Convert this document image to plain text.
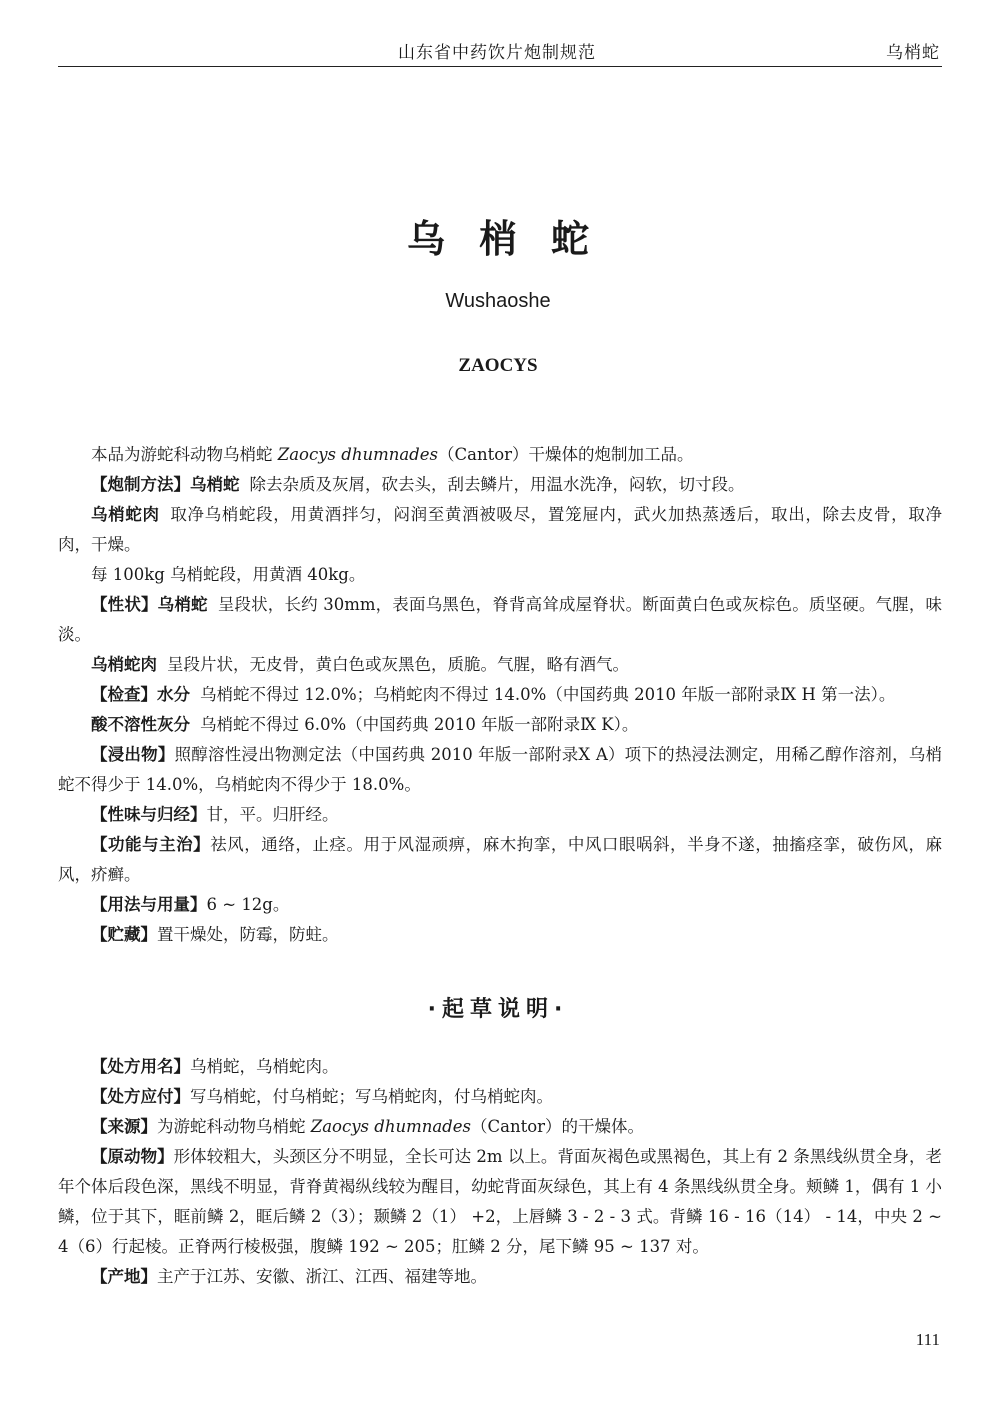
山东省中药饮片炮制规范	乌梢蛇
乌梢蛇
Wushaoshe
ZAOCYS

本品为游蛇科动物乌梢蛇 Zaocys dhumnades（Cantor）干燥体的炮制加工品。

【炮制方法】乌梢蛇 除去杂质及灰屑，砍去头，刮去鳞片，用温水洗净，闷软，切寸段。

乌梢蛇肉 取净乌梢蛇段，用黄酒拌匀，闷润至黄酒被吸尽，置笼屉内，武火加热蒸透后，取出，除去皮骨，取净肉，干燥。

每 100kg 乌梢蛇段，用黄酒 40kg。

【性状】乌梢蛇 呈段状，长约 30mm，表面乌黑色，脊背高耸成屋脊状。断面黄白色或灰棕色。质坚硬。气腥，味淡。

乌梢蛇肉 呈段片状，无皮骨，黄白色或灰黑色，质脆。气腥，略有酒气。

【检查】水分 乌梢蛇不得过 12.0%；乌梢蛇肉不得过 14.0%（中国药典 2010 年版一部附录Ⅸ H 第一法）。

酸不溶性灰分 乌梢蛇不得过 6.0%（中国药典 2010 年版一部附录Ⅸ K）。

【浸出物】照醇溶性浸出物测定法（中国药典 2010 年版一部附录Ⅹ A）项下的热浸法测定，用稀乙醇作溶剂，乌梢蛇不得少于 14.0%，乌梢蛇肉不得少于 18.0%。

【性味与归经】甘，平。归肝经。

【功能与主治】祛风，通络，止痉。用于风湿顽痹，麻木拘挛，中风口眼㖞斜，半身不遂，抽搐痉挛，破伤风，麻风，疥癣。

【用法与用量】6 ~ 12g。

【贮藏】置干燥处，防霉，防蛀。

·起草说明·

【处方用名】乌梢蛇，乌梢蛇肉。

【处方应付】写乌梢蛇，付乌梢蛇；写乌梢蛇肉，付乌梢蛇肉。

【来源】为游蛇科动物乌梢蛇 Zaocys dhumnades（Cantor）的干燥体。

【原动物】形体较粗大，头颈区分不明显，全长可达 2m 以上。背面灰褐色或黑褐色，其上有 2 条黑线纵贯全身，老年个体后段色深，黑线不明显，背脊黄褐纵线较为醒目，幼蛇背面灰绿色，其上有 4 条黑线纵贯全身。颊鳞 1，偶有 1 小鳞，位于其下，眶前鳞 2，眶后鳞 2（3）；颞鳞 2（1） +2，上唇鳞 3 - 2 - 3 式。背鳞 16 - 16（14） - 14，中央 2 ~ 4（6）行起棱。正脊两行棱极强，腹鳞 192 ~ 205；肛鳞 2 分，尾下鳞 95 ~ 137 对。

【产地】主产于江苏、安徽、浙江、江西、福建等地。

111
